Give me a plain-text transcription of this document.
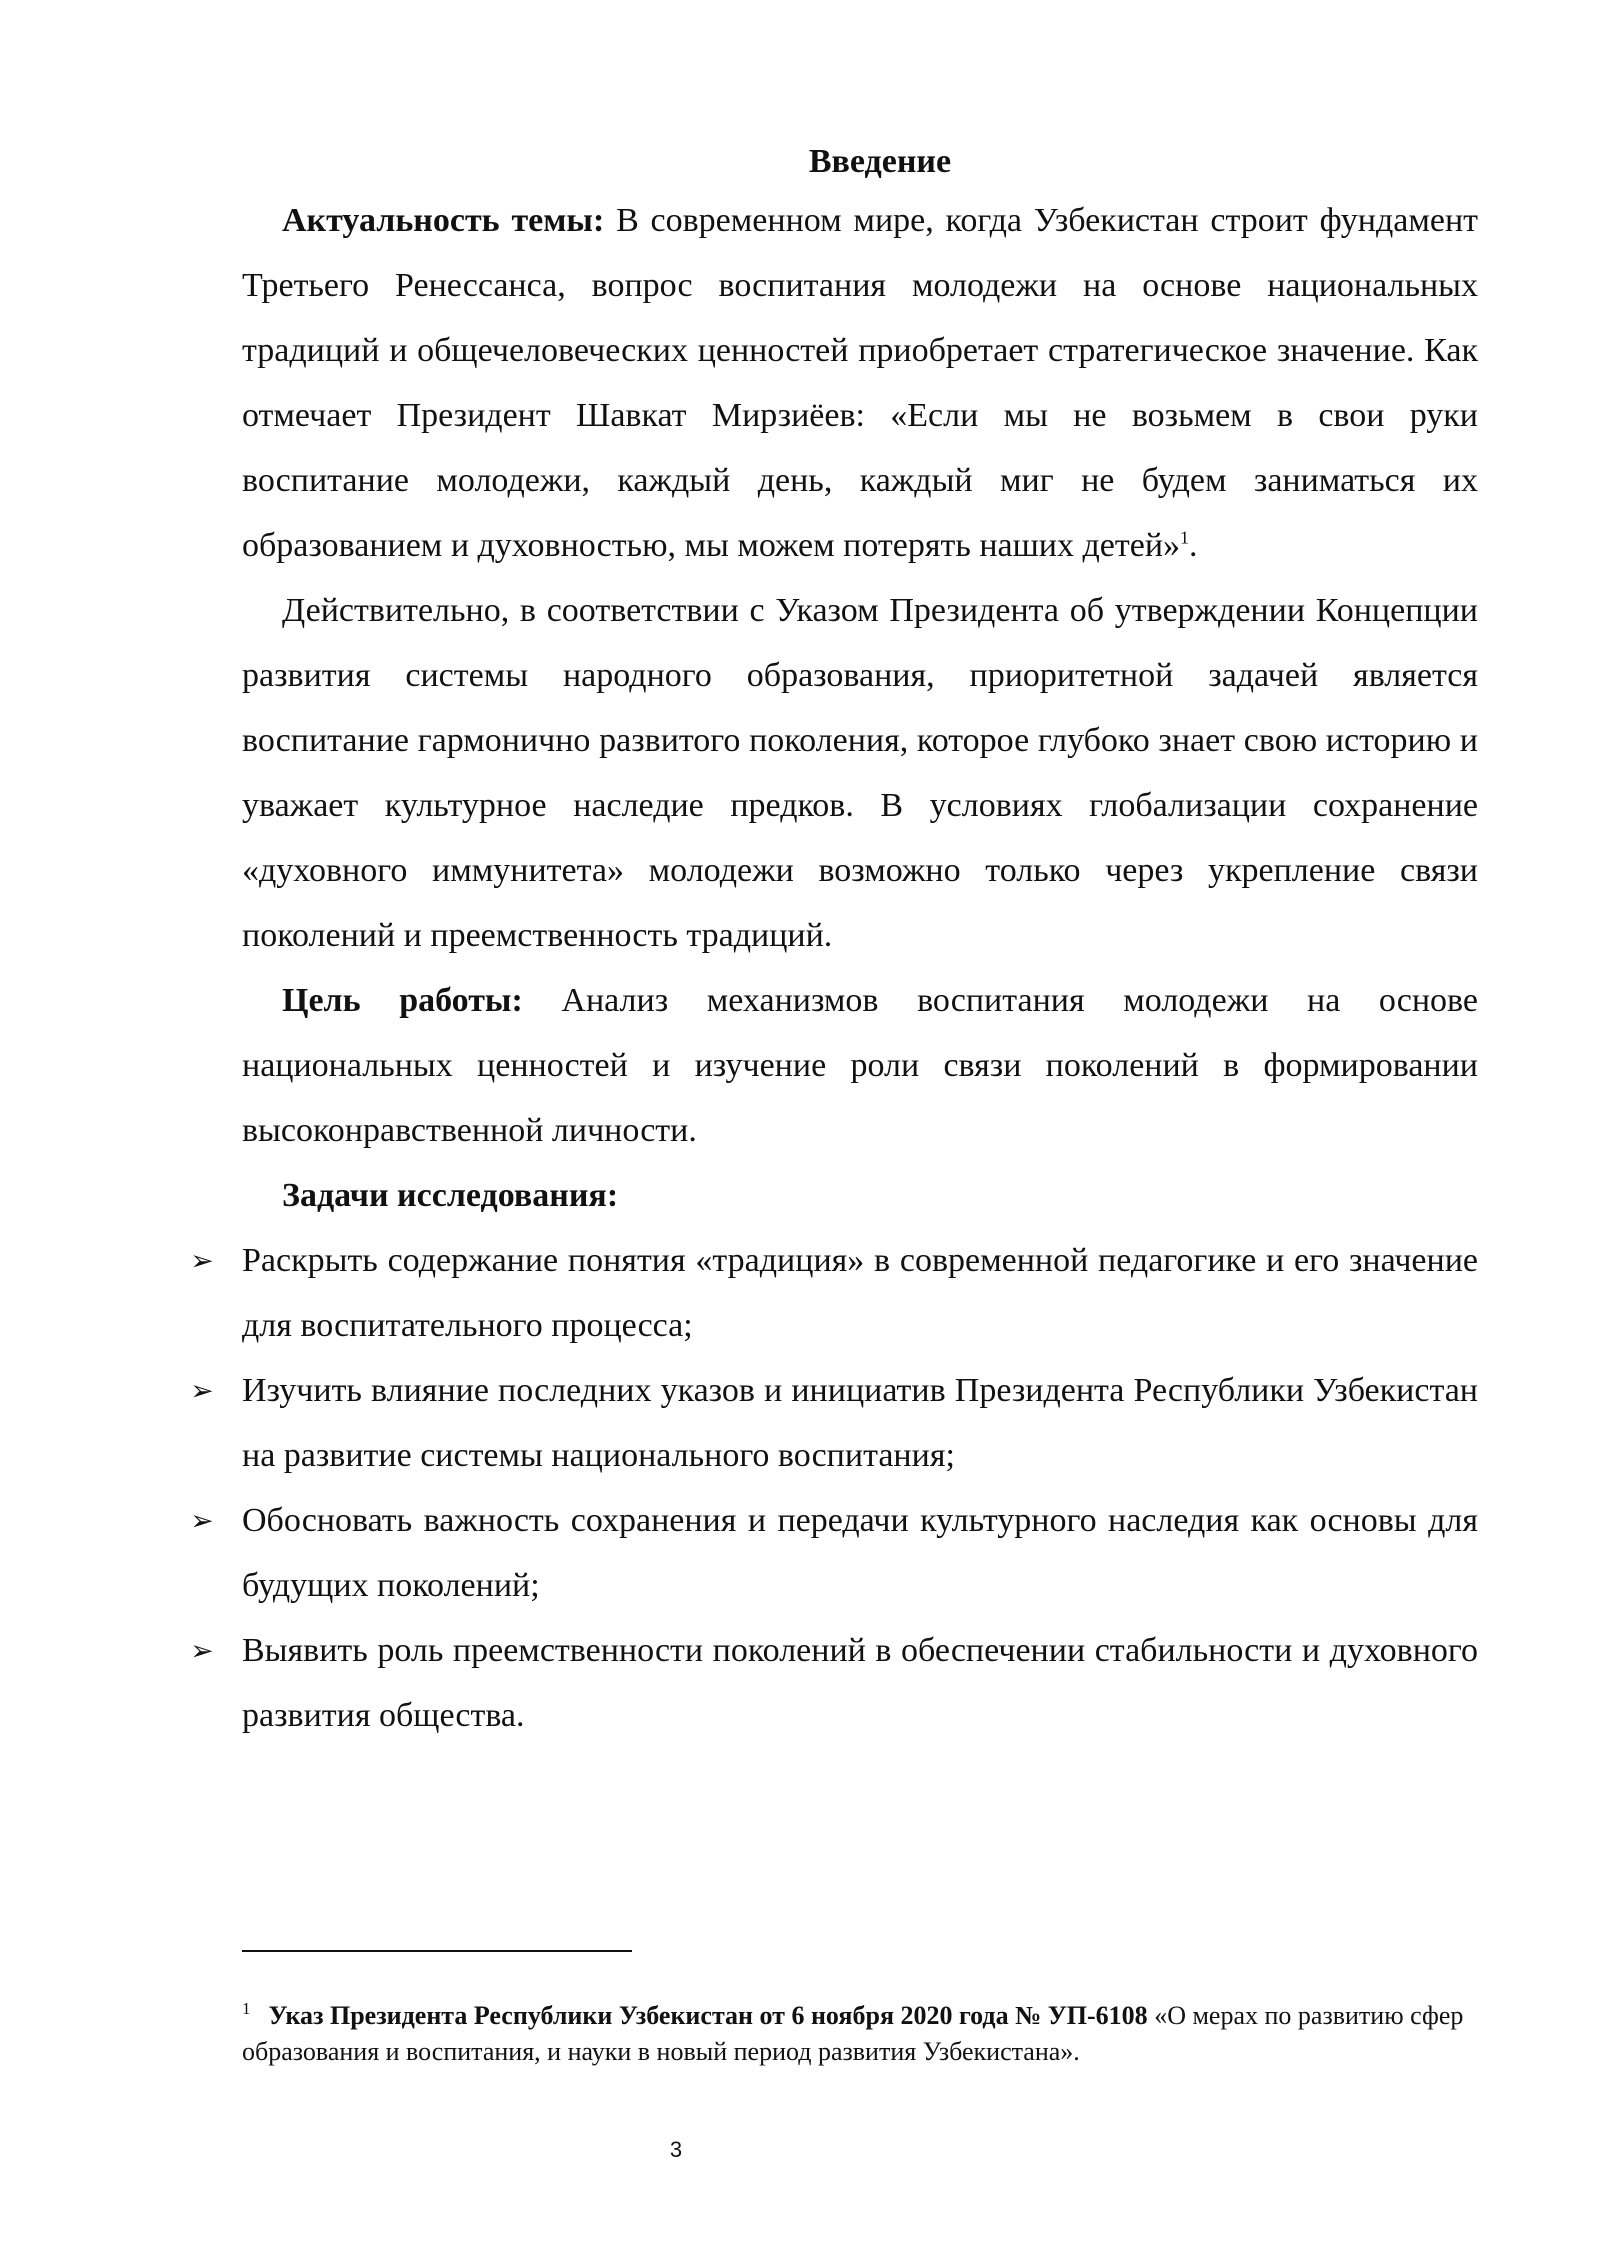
Введение

Актуальность темы: В современном мире, когда Узбекистан строит фундамент Третьего Ренессанса, вопрос воспитания молодежи на основе национальных традиций и общечеловеческих ценностей приобретает стратегическое значение. Как отмечает Президент Шавкат Мирзиёев: «Если мы не возьмем в свои руки воспитание молодежи, каждый день, каждый миг не будем заниматься их образованием и духовностью, мы можем потерять наших детей»$^1$.

Действительно, в соответствии с Указом Президента об утверждении Концепции развития системы народного образования, приоритетной задачей является воспитание гармонично развитого поколения, которое глубоко знает свою историю и уважает культурное наследие предков. В условиях глобализации сохранение «духовного иммунитета» молодежи возможно только через укрепление связи поколений и преемственность традиций.

Цель работы: Анализ механизмов воспитания молодежи на основе национальных ценностей и изучение роли связи поколений в формировании высоконравственной личности.

Задачи исследования:

➢ Раскрыть содержание понятия «традиция» в современной педагогике и его значение для воспитательного процесса;
➢ Изучить влияние последних указов и инициатив Президента Республики Узбекистан на развитие системы национального воспитания;
➢ Обосновать важность сохранения и передачи культурного наследия как основы для будущих поколений;
➢ Выявить роль преемственности поколений в обеспечении стабильности и духовного развития общества.
$^1$ Указ Президента Республики Узбекистан от 6 ноября 2020 года № УП-6108 «О мерах по развитию сфер образования и воспитания, и науки в новый период развития Узбекистана».
3
